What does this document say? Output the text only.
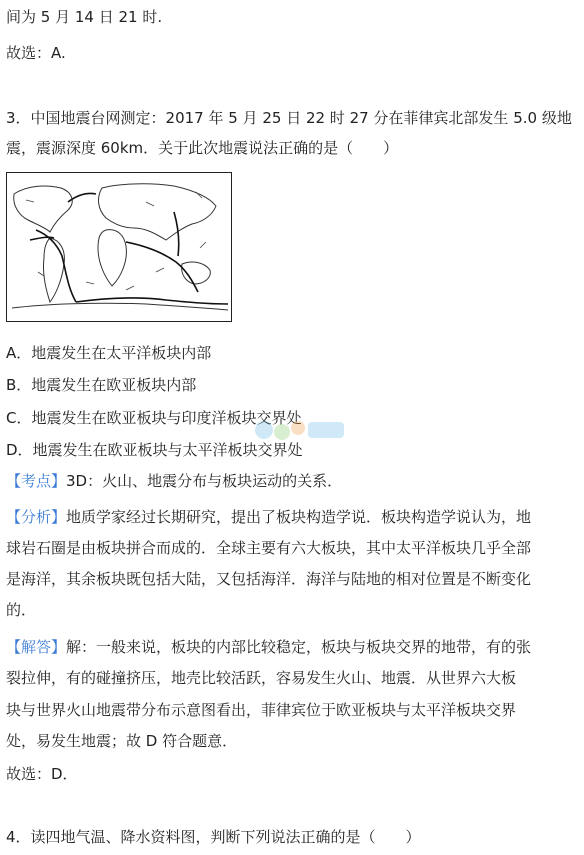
间为 5 月 14 日 21 时.
故选：A.
3．中国地震台网测定：2017 年 5 月 25 日 22 时 27 分在菲律宾北部发生 5.0 级地
震，震源深度 60km．关于此次地震说法正确的是（　　）
A．地震发生在太平洋板块内部
B．地震发生在欧亚板块内部
C．地震发生在欧亚板块与印度洋板块交界处
D．地震发生在欧亚板块与太平洋板块交界处
【考点】3D：火山、地震分布与板块运动的关系．
【分析】地质学家经过长期研究，提出了板块构造学说．板块构造学说认为，地
球岩石圈是由板块拼合而成的．全球主要有六大板块，其中太平洋板块几乎全部
是海洋，其余板块既包括大陆，又包括海洋．海洋与陆地的相对位置是不断变化
的．
【解答】解：一般来说，板块的内部比较稳定，板块与板块交界的地带，有的张
裂拉伸，有的碰撞挤压，地壳比较活跃，容易发生火山、地震．从世界六大板
块与世界火山地震带分布示意图看出，菲律宾位于欧亚板块与太平洋板块交界
处，易发生地震；故 D 符合题意．
故选：D．
4．读四地气温、降水资料图，判断下列说法正确的是（　　）
